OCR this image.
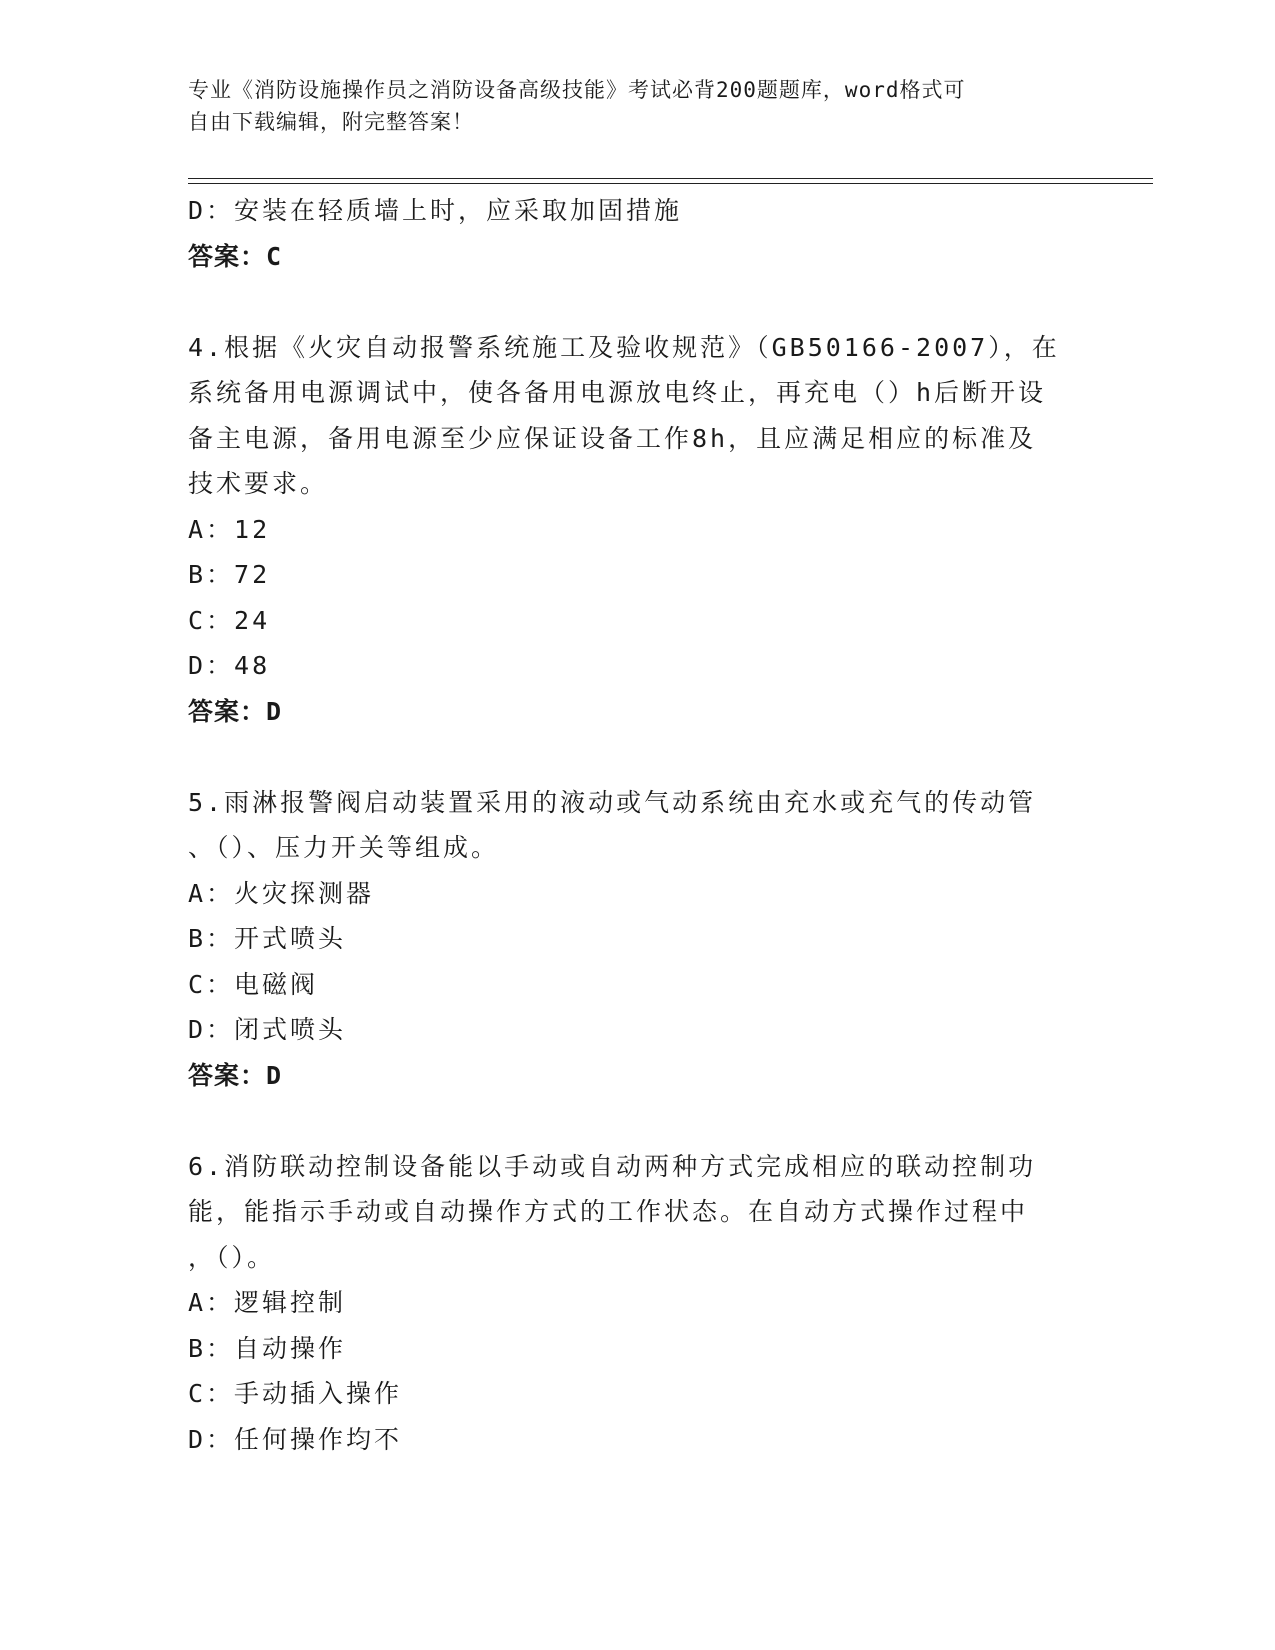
专业《消防设施操作员之消防设备高级技能》考试必背200题题库，word格式可
自由下载编辑，附完整答案！
D：安装在轻质墙上时，应采取加固措施
答案：C
4.根据《火灾自动报警系统施工及验收规范》（GB50166-2007），在
系统备用电源调试中，使各备用电源放电终止，再充电（）h后断开设
备主电源，备用电源至少应保证设备工作8h，且应满足相应的标准及
技术要求。
A：12
B：72
C：24
D：48
答案：D
5.雨淋报警阀启动装置采用的液动或气动系统由充水或充气的传动管
、（）、压力开关等组成。
A：火灾探测器
B：开式喷头
C：电磁阀
D：闭式喷头
答案：D
6.消防联动控制设备能以手动或自动两种方式完成相应的联动控制功
能，能指示手动或自动操作方式的工作状态。在自动方式操作过程中
，（）。
A：逻辑控制
B：自动操作
C：手动插入操作
D：任何操作均不
